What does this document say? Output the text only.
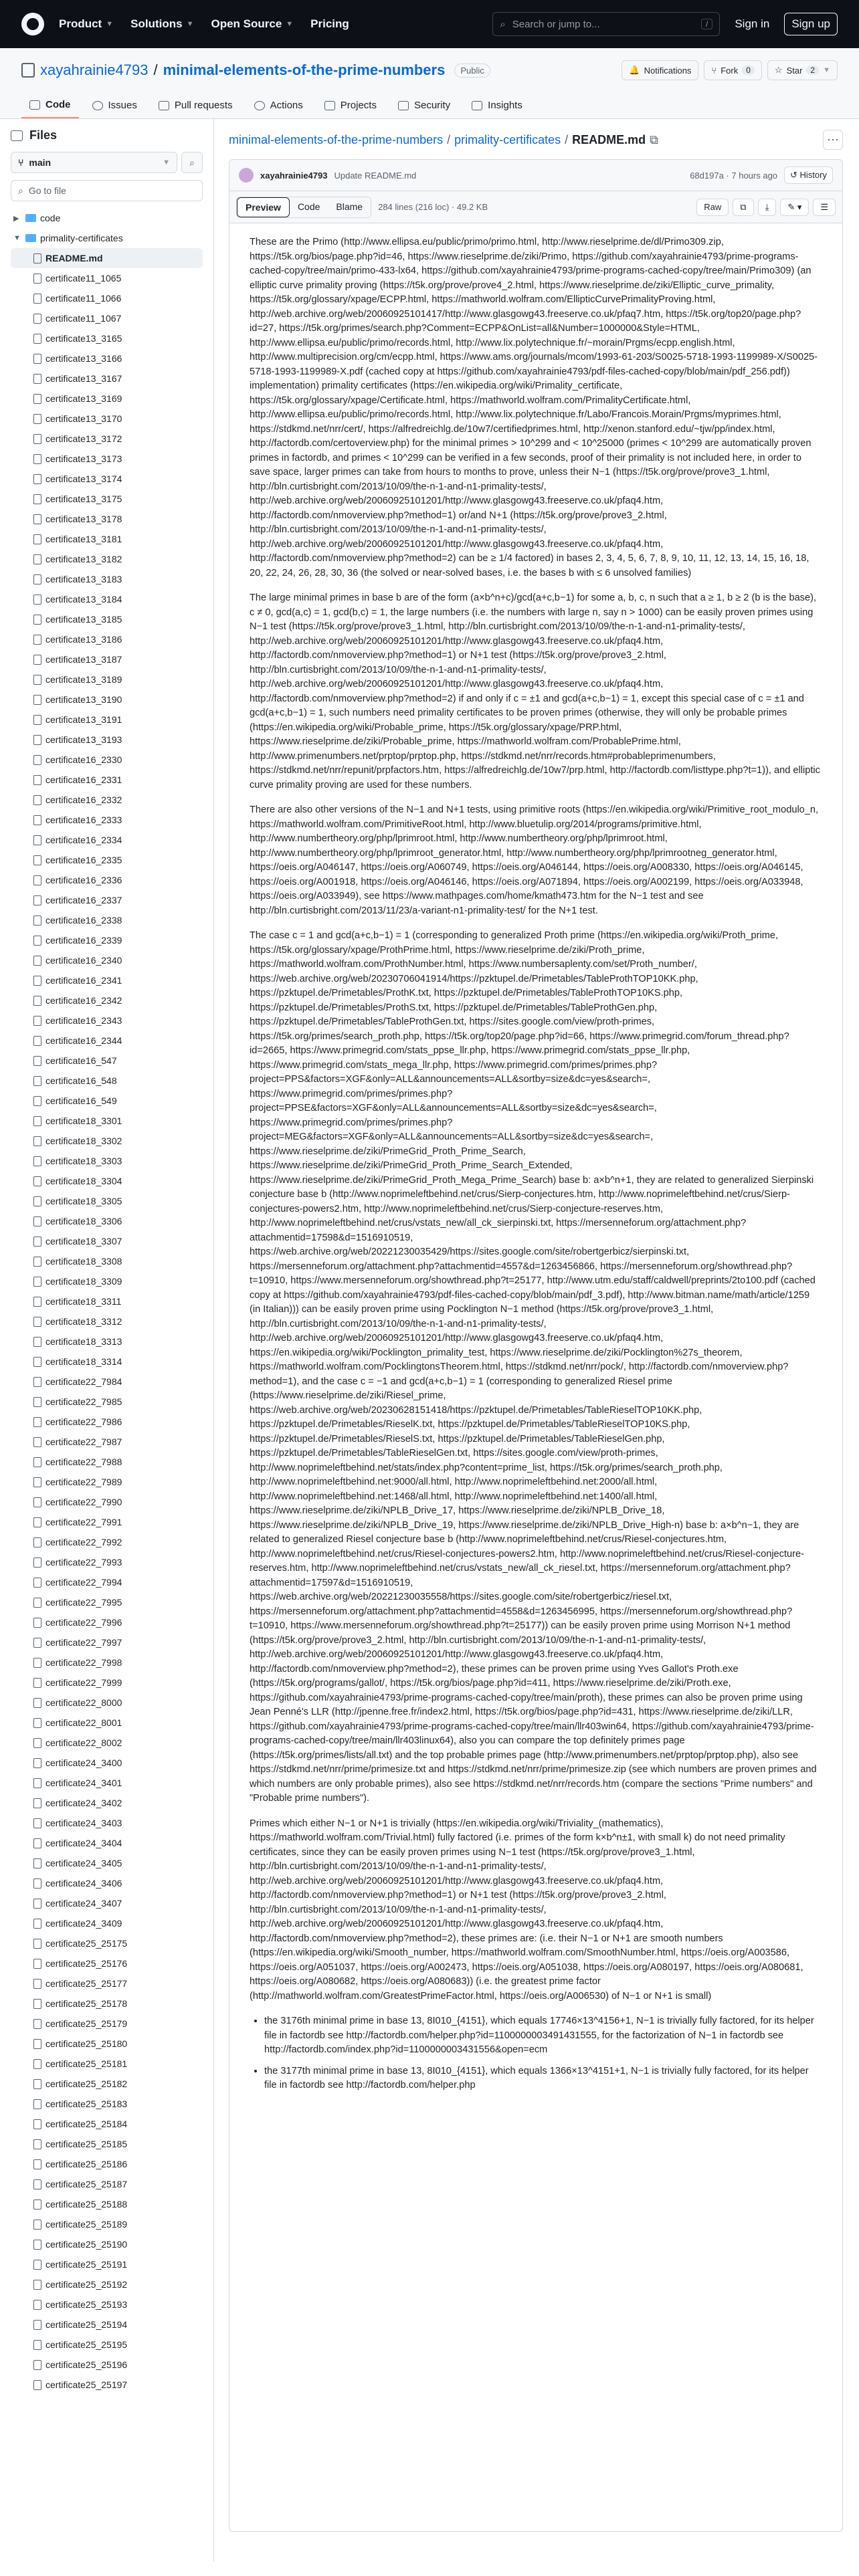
Product ▼ Solutions ▼ Open Source ▼ Pricing	⌕ Search or jump to...	/	Sign in	Sign up
xayahrainie4793 / minimal-elements-of-the-prime-numbers	Public	🔔 Notifications ⑂ Fork	0	☆ Star	2	▼
Code	Issues	Pull requests	Actions	Projects	Security	Insights
Files
⑂ main	▼ ⌕
⌕ Go to file
▶ code
▼ primality-certificates
README.md
certificate11_1065
certificate11_1066
certificate11_1067
certificate13_3165
certificate13_3166
certificate13_3167
certificate13_3169
certificate13_3170
certificate13_3172
certificate13_3173
certificate13_3174
certificate13_3175
certificate13_3178
certificate13_3181
certificate13_3182
certificate13_3183
certificate13_3184
certificate13_3185
certificate13_3186
certificate13_3187
certificate13_3189
certificate13_3190
certificate13_3191
certificate13_3193
certificate16_2330
certificate16_2331
certificate16_2332
certificate16_2333
certificate16_2334
certificate16_2335
certificate16_2336
certificate16_2337
certificate16_2338
certificate16_2339
certificate16_2340
certificate16_2341
certificate16_2342
certificate16_2343
certificate16_2344
certificate16_547
certificate16_548
certificate16_549
certificate18_3301
certificate18_3302
certificate18_3303
certificate18_3304
certificate18_3305
certificate18_3306
certificate18_3307
certificate18_3308
certificate18_3309
certificate18_3311
certificate18_3312
certificate18_3313
certificate18_3314
certificate22_7984
certificate22_7985
certificate22_7986
certificate22_7987
certificate22_7988
certificate22_7989
certificate22_7990
certificate22_7991
certificate22_7992
certificate22_7993
certificate22_7994
certificate22_7995
certificate22_7996
certificate22_7997
certificate22_7998
certificate22_7999
certificate22_8000
certificate22_8001
certificate22_8002
certificate24_3400
certificate24_3401
certificate24_3402
certificate24_3403
certificate24_3404
certificate24_3405
certificate24_3406
certificate24_3407
certificate24_3409
certificate25_25175
certificate25_25176
certificate25_25177
certificate25_25178
certificate25_25179
certificate25_25180
certificate25_25181
certificate25_25182
certificate25_25183
certificate25_25184
certificate25_25185
certificate25_25186
certificate25_25187
certificate25_25188
certificate25_25189
certificate25_25190
certificate25_25191
certificate25_25192
certificate25_25193
certificate25_25194
certificate25_25195
certificate25_25196
certificate25_25197
minimal-elements-of-the-prime-numbers / primality-certificates / README.md ⧉	⋯
xayahrainie4793 Update README.md	68d197a · 7 hours ago	↺ History
Preview	Code	Blame	284 lines (216 loc) · 49.2 KB	Raw	⧉	⤓	✎ ▾	☰

These are the Primo (http://www.ellipsa.eu/public/primo/primo.html, http://www.rieselprime.de/dl/Primo309.zip, https://t5k.org/bios/page.php?id=46, https://www.rieselprime.de/ziki/Primo, https://github.com/xayahrainie4793/prime-programs-cached-copy/tree/main/primo-433-lx64, https://github.com/xayahrainie4793/prime-programs-cached-copy/tree/main/Primo309) (an elliptic curve primality proving (https://t5k.org/prove/prove4_2.html, https://www.rieselprime.de/ziki/Elliptic_curve_primality, https://t5k.org/glossary/xpage/ECPP.html, https://mathworld.wolfram.com/EllipticCurvePrimalityProving.html, http://web.archive.org/web/20060925101417/http://www.glasgowg43.freeserve.co.uk/pfaq7.htm, https://t5k.org/top20/page.php?id=27, https://t5k.org/primes/search.php?Comment=ECPP&OnList=all&Number=1000000&Style=HTML, http://www.ellipsa.eu/public/primo/records.html, http://www.lix.polytechnique.fr/~morain/Prgms/ecpp.english.html, http://www.multiprecision.org/cm/ecpp.html, https://www.ams.org/journals/mcom/1993-61-203/S0025-5718-1993-1199989-X/S0025-5718-1993-1199989-X.pdf (cached copy at https://github.com/xayahrainie4793/pdf-files-cached-copy/blob/main/pdf_256.pdf)) implementation) primality certificates (https://en.wikipedia.org/wiki/Primality_certificate, https://t5k.org/glossary/xpage/Certificate.html, https://mathworld.wolfram.com/PrimalityCertificate.html, http://www.ellipsa.eu/public/primo/records.html, http://www.lix.polytechnique.fr/Labo/Francois.Morain/Prgms/myprimes.html, https://stdkmd.net/nrr/cert/, https://alfredreichlg.de/10w7/certifiedprimes.html, http://xenon.stanford.edu/~tjw/pp/index.html, http://factordb.com/certoverview.php) for the minimal primes > 10^299 and < 10^25000 (primes < 10^299 are automatically proven primes in factordb, and primes < 10^299 can be verified in a few seconds, proof of their primality is not included here, in order to save space, larger primes can take from hours to months to prove, unless their N−1 (https://t5k.org/prove/prove3_1.html, http://bln.curtisbright.com/2013/10/09/the-n-1-and-n1-primality-tests/, http://web.archive.org/web/20060925101201/http://www.glasgowg43.freeserve.co.uk/pfaq4.htm, http://factordb.com/nmoverview.php?method=1) or/and N+1 (https://t5k.org/prove/prove3_2.html, http://bln.curtisbright.com/2013/10/09/the-n-1-and-n1-primality-tests/, http://web.archive.org/web/20060925101201/http://www.glasgowg43.freeserve.co.uk/pfaq4.htm, http://factordb.com/nmoverview.php?method=2) can be ≥ 1/4 factored) in bases 2, 3, 4, 5, 6, 7, 8, 9, 10, 11, 12, 13, 14, 15, 16, 18, 20, 22, 24, 26, 28, 30, 36 (the solved or near-solved bases, i.e. the bases b with ≤ 6 unsolved families)

The large minimal primes in base b are of the form (a×b^n+c)/gcd(a+c,b−1) for some a, b, c, n such that a ≥ 1, b ≥ 2 (b is the base), c ≠ 0, gcd(a,c) = 1, gcd(b,c) = 1, the large numbers (i.e. the numbers with large n, say n > 1000) can be easily proven primes using N−1 test (https://t5k.org/prove/prove3_1.html, http://bln.curtisbright.com/2013/10/09/the-n-1-and-n1-primality-tests/, http://web.archive.org/web/20060925101201/http://www.glasgowg43.freeserve.co.uk/pfaq4.htm, http://factordb.com/nmoverview.php?method=1) or N+1 test (https://t5k.org/prove/prove3_2.html, http://bln.curtisbright.com/2013/10/09/the-n-1-and-n1-primality-tests/, http://web.archive.org/web/20060925101201/http://www.glasgowg43.freeserve.co.uk/pfaq4.htm, http://factordb.com/nmoverview.php?method=2) if and only if c = ±1 and gcd(a+c,b−1) = 1, except this special case of c = ±1 and gcd(a+c,b−1) = 1, such numbers need primality certificates to be proven primes (otherwise, they will only be probable primes (https://en.wikipedia.org/wiki/Probable_prime, https://t5k.org/glossary/xpage/PRP.html, https://www.rieselprime.de/ziki/Probable_prime, https://mathworld.wolfram.com/ProbablePrime.html, http://www.primenumbers.net/prptop/prptop.php, https://stdkmd.net/nrr/records.htm#probableprimenumbers, https://stdkmd.net/nrr/repunit/prpfactors.htm, https://alfredreichlg.de/10w7/prp.html, http://factordb.com/listtype.php?t=1)), and elliptic curve primality proving are used for these numbers.

There are also other versions of the N−1 and N+1 tests, using primitive roots (https://en.wikipedia.org/wiki/Primitive_root_modulo_n, https://mathworld.wolfram.com/PrimitiveRoot.html, http://www.bluetulip.org/2014/programs/primitive.html, http://www.numbertheory.org/php/lprimroot.html, http://www.numbertheory.org/php/lprimroot.html, http://www.numbertheory.org/php/lprimroot_generator.html, http://www.numbertheory.org/php/lprimrootneg_generator.html, https://oeis.org/A046147, https://oeis.org/A060749, https://oeis.org/A046144, https://oeis.org/A008330, https://oeis.org/A046145, https://oeis.org/A001918, https://oeis.org/A046146, https://oeis.org/A071894, https://oeis.org/A002199, https://oeis.org/A033948, https://oeis.org/A033949), see https://www.mathpages.com/home/kmath473.htm for the N−1 test and see http://bln.curtisbright.com/2013/11/23/a-variant-n1-primality-test/ for the N+1 test.

The case c = 1 and gcd(a+c,b−1) = 1 (corresponding to generalized Proth prime (https://en.wikipedia.org/wiki/Proth_prime, https://t5k.org/glossary/xpage/ProthPrime.html, https://www.rieselprime.de/ziki/Proth_prime, https://mathworld.wolfram.com/ProthNumber.html, https://www.numbersaplenty.com/set/Proth_number/, https://web.archive.org/web/20230706041914/https://pzktupel.de/Primetables/TableProthTOP10KK.php, https://pzktupel.de/Primetables/ProthK.txt, https://pzktupel.de/Primetables/TableProthTOP10KS.php, https://pzktupel.de/Primetables/ProthS.txt, https://pzktupel.de/Primetables/TableProthGen.php, https://pzktupel.de/Primetables/TableProthGen.txt, https://sites.google.com/view/proth-primes, https://t5k.org/primes/search_proth.php, https://t5k.org/top20/page.php?id=66, https://www.primegrid.com/forum_thread.php?id=2665, https://www.primegrid.com/stats_ppse_llr.php, https://www.primegrid.com/stats_ppse_llr.php, https://www.primegrid.com/stats_mega_llr.php, https://www.primegrid.com/primes/primes.php?project=PPS&factors=XGF&only=ALL&announcements=ALL&sortby=size&dc=yes&search=, https://www.primegrid.com/primes/primes.php?project=PPSE&factors=XGF&only=ALL&announcements=ALL&sortby=size&dc=yes&search=, https://www.primegrid.com/primes/primes.php?project=MEG&factors=XGF&only=ALL&announcements=ALL&sortby=size&dc=yes&search=, https://www.rieselprime.de/ziki/PrimeGrid_Proth_Prime_Search, https://www.rieselprime.de/ziki/PrimeGrid_Proth_Prime_Search_Extended, https://www.rieselprime.de/ziki/PrimeGrid_Proth_Mega_Prime_Search) base b: a×b^n+1, they are related to generalized Sierpinski conjecture base b (http://www.noprimeleftbehind.net/crus/Sierp-conjectures.htm, http://www.noprimeleftbehind.net/crus/Sierp-conjectures-powers2.htm, http://www.noprimeleftbehind.net/crus/Sierp-conjecture-reserves.htm, http://www.noprimeleftbehind.net/crus/vstats_new/all_ck_sierpinski.txt, https://mersenneforum.org/attachment.php?attachmentid=17598&d=1516910519, https://web.archive.org/web/20221230035429/https://sites.google.com/site/robertgerbicz/sierpinski.txt, https://mersenneforum.org/attachment.php?attachmentid=4557&d=1263456866, https://mersenneforum.org/showthread.php?t=10910, https://www.mersenneforum.org/showthread.php?t=25177, http://www.utm.edu/staff/caldwell/preprints/2to100.pdf (cached copy at https://github.com/xayahrainie4793/pdf-files-cached-copy/blob/main/pdf_3.pdf), http://www.bitman.name/math/article/1259 (in Italian))) can be easily proven prime using Pocklington N−1 method (https://t5k.org/prove/prove3_1.html, http://bln.curtisbright.com/2013/10/09/the-n-1-and-n1-primality-tests/, http://web.archive.org/web/20060925101201/http://www.glasgowg43.freeserve.co.uk/pfaq4.htm, https://en.wikipedia.org/wiki/Pocklington_primality_test, https://www.rieselprime.de/ziki/Pocklington%27s_theorem, https://mathworld.wolfram.com/PocklingtonsTheorem.html, https://stdkmd.net/nrr/pock/, http://factordb.com/nmoverview.php?method=1), and the case c = −1 and gcd(a+c,b−1) = 1 (corresponding to generalized Riesel prime (https://www.rieselprime.de/ziki/Riesel_prime, https://web.archive.org/web/20230628151418/https://pzktupel.de/Primetables/TableRieselTOP10KK.php, https://pzktupel.de/Primetables/RieselK.txt, https://pzktupel.de/Primetables/TableRieselTOP10KS.php, https://pzktupel.de/Primetables/RieselS.txt, https://pzktupel.de/Primetables/TableRieselGen.php, https://pzktupel.de/Primetables/TableRieselGen.txt, https://sites.google.com/view/proth-primes, http://www.noprimeleftbehind.net/stats/index.php?content=prime_list, https://t5k.org/primes/search_proth.php, http://www.noprimeleftbehind.net:9000/all.html, http://www.noprimeleftbehind.net:2000/all.html, http://www.noprimeleftbehind.net:1468/all.html, http://www.noprimeleftbehind.net:1400/all.html, https://www.rieselprime.de/ziki/NPLB_Drive_17, https://www.rieselprime.de/ziki/NPLB_Drive_18, https://www.rieselprime.de/ziki/NPLB_Drive_19, https://www.rieselprime.de/ziki/NPLB_Drive_High-n) base b: a×b^n−1, they are related to generalized Riesel conjecture base b (http://www.noprimeleftbehind.net/crus/Riesel-conjectures.htm, http://www.noprimeleftbehind.net/crus/Riesel-conjectures-powers2.htm, http://www.noprimeleftbehind.net/crus/Riesel-conjecture-reserves.htm, http://www.noprimeleftbehind.net/crus/vstats_new/all_ck_riesel.txt, https://mersenneforum.org/attachment.php?attachmentid=17597&d=1516910519, https://web.archive.org/web/20221230035558/https://sites.google.com/site/robertgerbicz/riesel.txt, https://mersenneforum.org/attachment.php?attachmentid=4558&d=1263456995, https://mersenneforum.org/showthread.php?t=10910, https://www.mersenneforum.org/showthread.php?t=25177)) can be easily proven prime using Morrison N+1 method (https://t5k.org/prove/prove3_2.html, http://bln.curtisbright.com/2013/10/09/the-n-1-and-n1-primality-tests/, http://web.archive.org/web/20060925101201/http://www.glasgowg43.freeserve.co.uk/pfaq4.htm, http://factordb.com/nmoverview.php?method=2), these primes can be proven prime using Yves Gallot's Proth.exe (https://t5k.org/programs/gallot/, https://t5k.org/bios/page.php?id=411, https://www.rieselprime.de/ziki/Proth.exe, https://github.com/xayahrainie4793/prime-programs-cached-copy/tree/main/proth), these primes can also be proven prime using Jean Penné's LLR (http://jpenne.free.fr/index2.html, https://t5k.org/bios/page.php?id=431, https://www.rieselprime.de/ziki/LLR, https://github.com/xayahrainie4793/prime-programs-cached-copy/tree/main/llr403win64, https://github.com/xayahrainie4793/prime-programs-cached-copy/tree/main/llr403linux64), also you can compare the top definitely primes page (https://t5k.org/primes/lists/all.txt) and the top probable primes page (http://www.primenumbers.net/prptop/prptop.php), also see https://stdkmd.net/nrr/prime/primesize.txt and https://stdkmd.net/nrr/prime/primesize.zip (see which numbers are proven primes and which numbers are only probable primes), also see https://stdkmd.net/nrr/records.htm (compare the sections "Prime numbers" and "Probable prime numbers").

Primes which either N−1 or N+1 is trivially (https://en.wikipedia.org/wiki/Triviality_(mathematics), https://mathworld.wolfram.com/Trivial.html) fully factored (i.e. primes of the form k×b^n±1, with small k) do not need primality certificates, since they can be easily proven primes using N−1 test (https://t5k.org/prove/prove3_1.html, http://bln.curtisbright.com/2013/10/09/the-n-1-and-n1-primality-tests/, http://web.archive.org/web/20060925101201/http://www.glasgowg43.freeserve.co.uk/pfaq4.htm, http://factordb.com/nmoverview.php?method=1) or N+1 test (https://t5k.org/prove/prove3_2.html, http://bln.curtisbright.com/2013/10/09/the-n-1-and-n1-primality-tests/, http://web.archive.org/web/20060925101201/http://www.glasgowg43.freeserve.co.uk/pfaq4.htm, http://factordb.com/nmoverview.php?method=2), these primes are: (i.e. their N−1 or N+1 are smooth numbers (https://en.wikipedia.org/wiki/Smooth_number, https://mathworld.wolfram.com/SmoothNumber.html, https://oeis.org/A003586, https://oeis.org/A051037, https://oeis.org/A002473, https://oeis.org/A051038, https://oeis.org/A080197, https://oeis.org/A080681, https://oeis.org/A080682, https://oeis.org/A080683)) (i.e. the greatest prime factor (http://mathworld.wolfram.com/GreatestPrimeFactor.html, https://oeis.org/A006530) of N−1 or N+1 is small)

• the 3176th minimal prime in base 13, 8I010_{4151}, which equals 17746×13^4156+1, N−1 is trivially fully factored, for its helper file in factordb see http://factordb.com/helper.php?id=1100000003491431555, for the factorization of N−1 in factordb see http://factordb.com/index.php?id=1100000003431556&open=ecm
• the 3177th minimal prime in base 13, 8I010_{4151}, which equals 1366×13^4151+1, N−1 is trivially fully factored, for its helper file in factordb see http://factordb.com/helper.php
